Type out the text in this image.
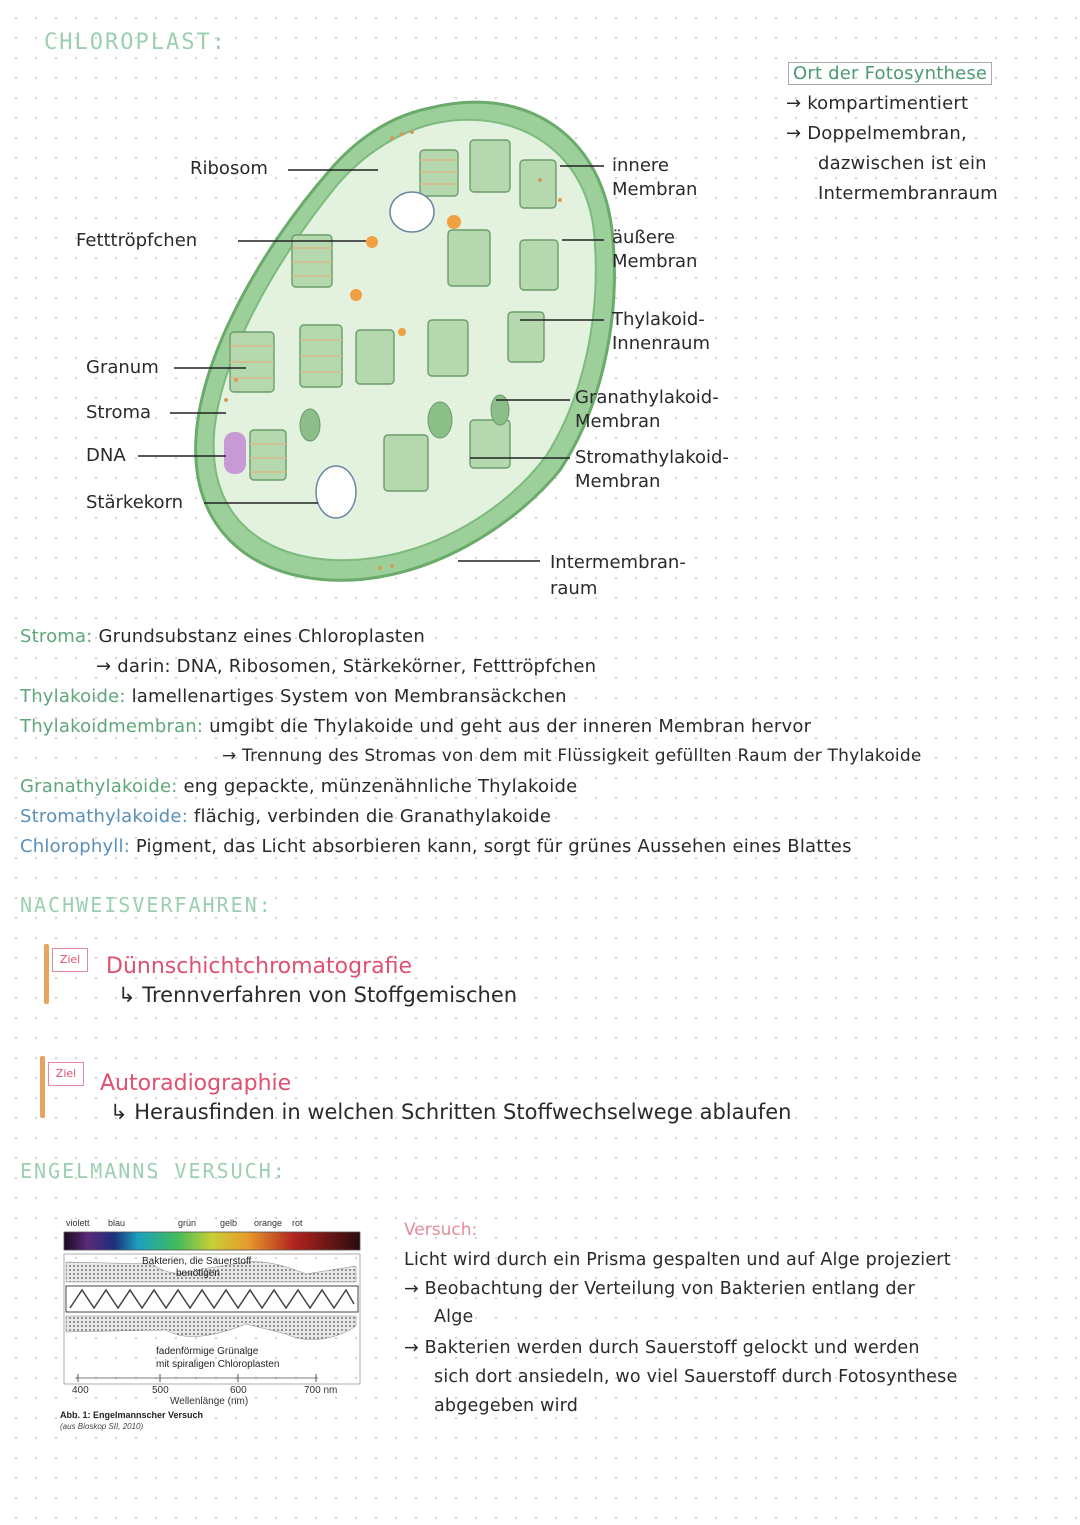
CHLOROPLAST:
Ort der Fotosynthese
→ kompartimentiert
→ Doppelmembran,
dazwischen ist ein
Intermembranraum
Ribosom
Fetttröpfchen
Granum
Stroma
DNA
Stärkekorn
innere
Membran
äußere
Membran
Thylakoid-
Innenraum
Granathylakoid-
Membran
Stromathylakoid-
Membran
Intermembran-
raum
Stroma: Grundsubstanz eines Chloroplasten
→ darin: DNA, Ribosomen, Stärkekörner, Fetttröpfchen
Thylakoide: lamellenartiges System von Membransäckchen
Thylakoidmembran: umgibt die Thylakoide und geht aus der inneren Membran hervor
→ Trennung des Stromas von dem mit Flüssigkeit gefüllten Raum der Thylakoide
Granathylakoide: eng gepackte, münzenähnliche Thylakoide
Stromathylakoide: flächig, verbinden die Granathylakoide
Chlorophyll: Pigment, das Licht absorbieren kann, sorgt für grünes Aussehen eines Blattes
NACHWEISVERFAHREN:
Ziel	Dünnschichtchromatografie
↳ Trennverfahren von Stoffgemischen
Ziel	Autoradiographie
↳ Herausfinden in welchen Schritten Stoffwechselwege ablaufen
ENGELMANNS VERSUCH:
violett blau	grün	gelb orange rot
Bakterien, die Sauerstoff
benötigen
fadenförmige Grünalge
mit spiraligen Chloroplasten
400	500	600	700 nm
Wellenlänge (nm)
Abb. 1: Engelmannscher Versuch
(aus Bioskop SII, 2010)
Versuch:
Licht wird durch ein Prisma gespalten und auf Alge projeziert
→ Beobachtung der Verteilung von Bakterien entlang der
Alge
→ Bakterien werden durch Sauerstoff gelockt und werden
sich dort ansiedeln, wo viel Sauerstoff durch Fotosynthese
abgegeben wird
